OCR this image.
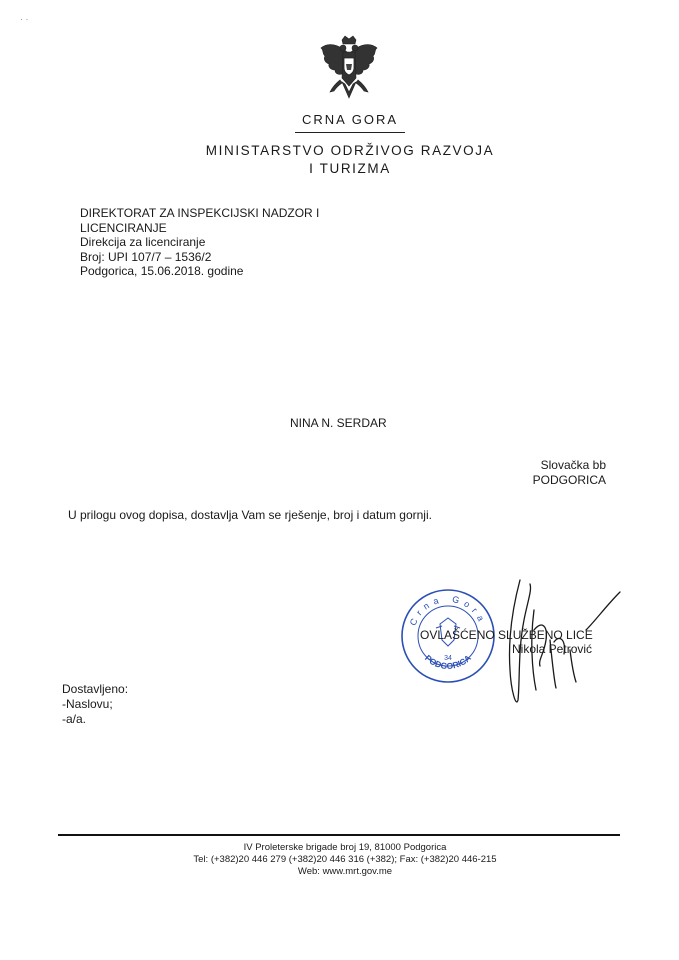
· ·
CRNA GORA
MINISTARSTVO ODRŽIVOG RAZVOJA
I TURIZMA
DIREKTORAT ZA INSPEKCIJSKI NADZOR I
LICENCIRANJE
Direkcija za licenciranje
Broj: UPI 107/7 – 1536/2
Podgorica, 15.06.2018. godine
NINA N. SERDAR
Slovačka bb
PODGORICA
U prilogu ovog dopisa, dostavlja Vam se rješenje, broj i datum gornji.
Crna Gora
PODGORICA
34
OVLAŠĆENO SLUŽBENO LICE
Nikola Petrović
Dostavljeno:
-Naslovu;
-a/a.
IV Proleterske brigade broj 19, 81000 Podgorica
Tel: (+382)20 446 279 (+382)20 446 316 (+382); Fax: (+382)20 446-215
Web: www.mrt.gov.me
